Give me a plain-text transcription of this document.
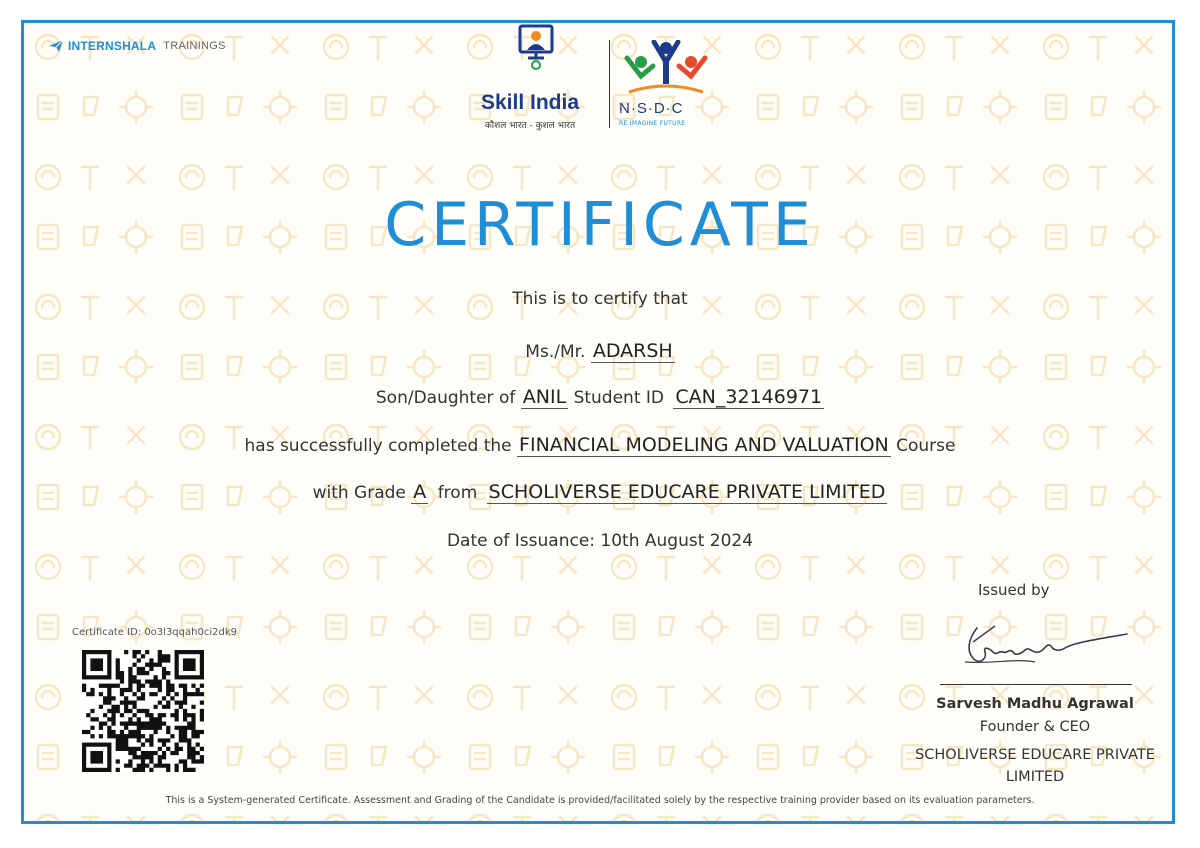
INTERNSHALA TRAININGS
Skill India
कौशल भारत - कुशल भारत
N·S·D·C
RE IMAGINE FUTURE
CERTIFICATE
This is to certify that
Ms./Mr. ADARSH
Son/Daughter of ANIL Student ID CAN_32146971
has successfully completed the FINANCIAL MODELING AND VALUATION Course
with Grade A from SCHOLIVERSE EDUCARE PRIVATE LIMITED
Date of Issuance: 10th August 2024
Issued by
Sarvesh Madhu Agrawal
Founder & CEO
SCHOLIVERSE EDUCARE PRIVATE LIMITED
Certificate ID: 0o3l3qqah0ci2dk9
This is a System-generated Certificate. Assessment and Grading of the Candidate is provided/facilitated solely by the respective training provider based on its evaluation parameters.
